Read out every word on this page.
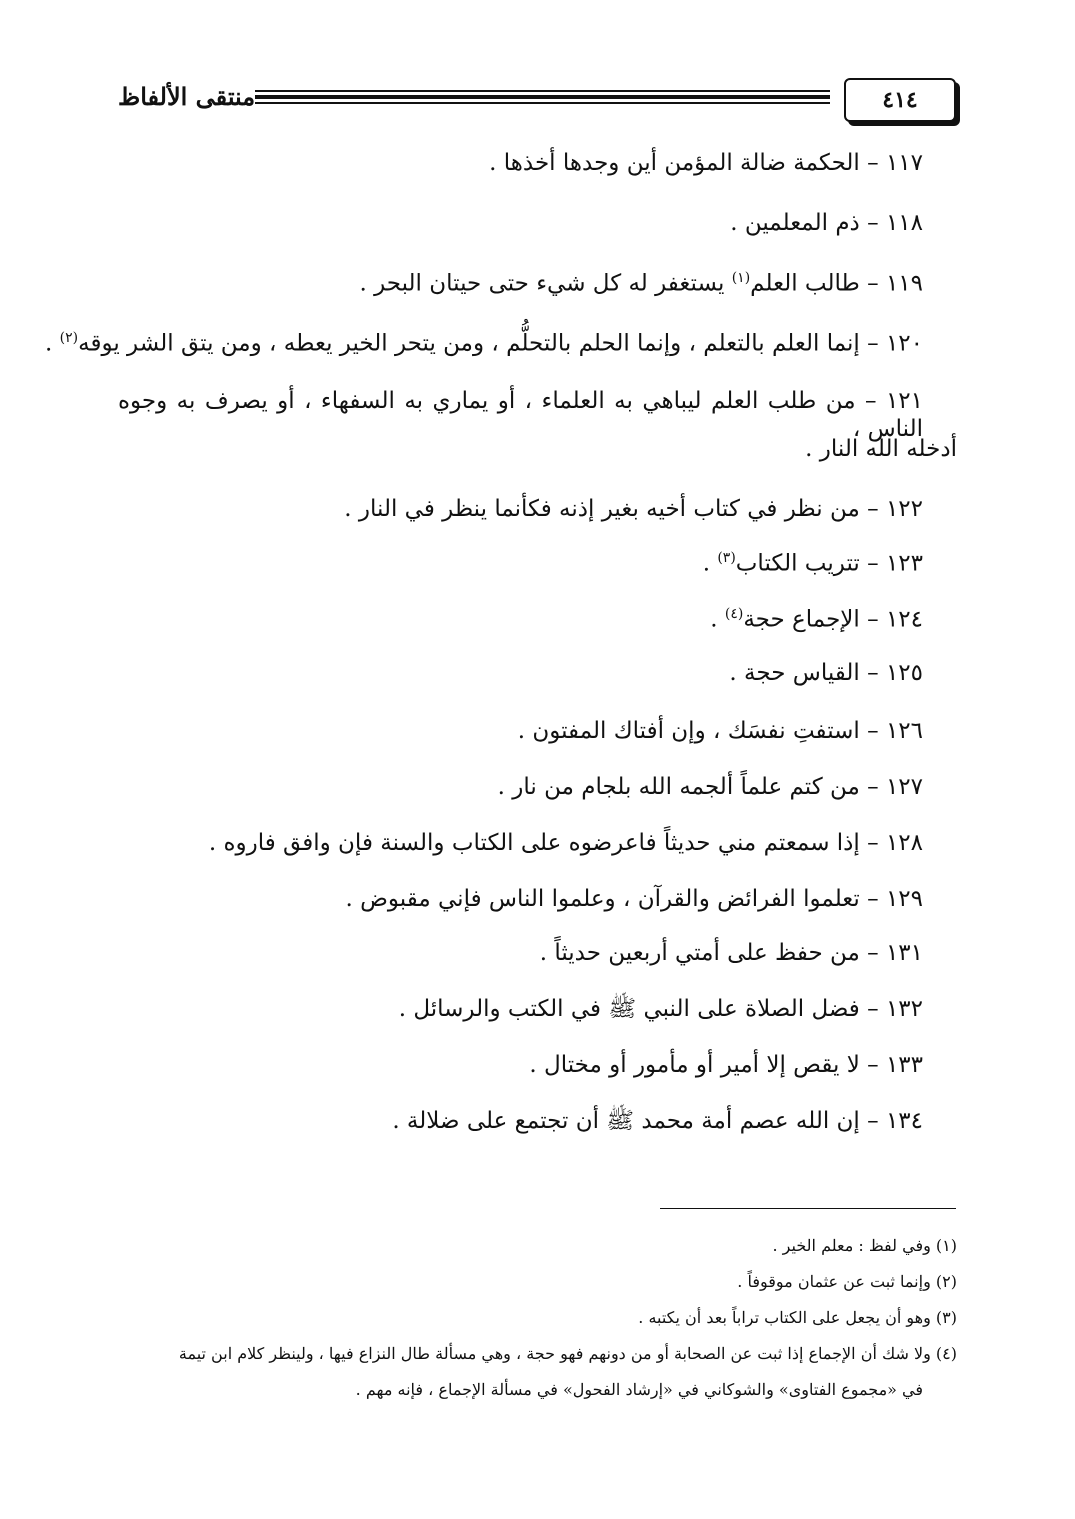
٤١٤
منتقى الألفاظ
١١٧ – الحكمة ضالة المؤمن أين وجدها أخذها .
١١٨ – ذم المعلمين .
١١٩ – طالب العلم$^{(١)}$ يستغفر له كل شيء حتى حيتان البحر .
١٢٠ – إنما العلم بالتعلم ، وإنما الحلم بالتحلُّم ، ومن يتحر الخير يعطه ، ومن يتق الشر يوقه$^{(٢)}$ .
١٢١ – من طلب العلم ليباهي به العلماء ، أو يماري به السفهاء ، أو يصرف به وجوه الناس ،
أدخله الله النار .
١٢٢ – من نظر في كتاب أخيه بغير إذنه فكأنما ينظر في النار .
١٢٣ – تتريب الكتاب$^{(٣)}$ .
١٢٤ – الإجماع حجة$^{(٤)}$ .
١٢٥ – القياس حجة .
١٢٦ – استفتِ نفسَك ، وإن أفتاك المفتون .
١٢٧ – من كتم علماً ألجمه الله بلجام من نار .
١٢٨ – إذا سمعتم مني حديثاً فاعرضوه على الكتاب والسنة فإن وافق فاروه .
١٢٩ – تعلموا الفرائض والقرآن ، وعلموا الناس فإني مقبوض .
١٣١ – من حفظ على أمتي أربعين حديثاً .
١٣٢ – فضل الصلاة على النبي ﷺ في الكتب والرسائل .
١٣٣ – لا يقص إلا أمير أو مأمور أو مختال .
١٣٤ – إن الله عصم أمة محمد ﷺ أن تجتمع على ضلالة .
(١) وفي لفظ : معلم الخير .
(٢) وإنما ثبت عن عثمان موقوفاً .
(٣) وهو أن يجعل على الكتاب تراباً بعد أن يكتبه .
(٤) ولا شك أن الإجماع إذا ثبت عن الصحابة أو من دونهم فهو حجة ، وهي مسألة طال النزاع فيها ، ولينظر كلام ابن تيمة
في «مجموع الفتاوى» والشوكاني في «إرشاد الفحول» في مسألة الإجماع ، فإنه مهم .
